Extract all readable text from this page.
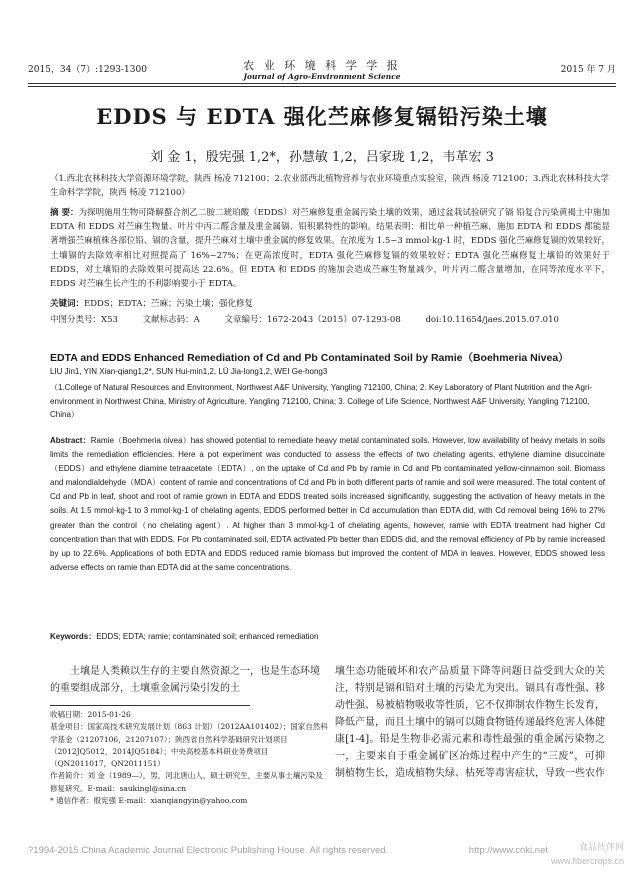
2015，34（7）:1293-1300	农 业 环 境 科 学 学 报
Journal of Agro-Environment Science
2015 年 7 月
EDDS 与 EDTA 强化苎麻修复镉铅污染土壤
刘 金 1，殷宪强 1,2*，孙慧敏 1,2，吕家珑 1,2，韦革宏 3
（1.西北农林科技大学资源环境学院，陕西 杨凌 712100；2.农业部西北植物营养与农业环境重点实验室，陕西 杨凌 712100；3.西北农林科技大学生命科学学院，陕西 杨凌 712100）
摘 要：为探明施用生物可降解螯合剂乙二胺二琥珀酸（EDDS）对苎麻修复重金属污染土壤的效果，通过盆栽试验研究了镉 铅复合污染黄褐土中施加 EDTA 和 EDDS 对苎麻生物量、叶片中丙二醛含量及重金属镉、铅积累特性的影响。结果表明：相比单一种植苎麻，施加 EDTA 和 EDDS 都能显著增强苎麻植株各部位铅、镉的含量，提升苎麻对土壤中重金属的修复效果。在浓度为 1.5~3 mmol·kg-1 时，EDDS 强化苎麻修复镉的效果较好，土壤镉的去除效率相比对照提高了 16%~27%；在更高浓度时，EDTA 强化苎麻修复镉的效果较好；EDTA 强化苎麻修复土壤铅的效果好于 EDDS，对土壤铅的去除效果可提高达 22.6%。但 EDTA 和 EDDS 的施加会造成苎麻生物量减少，叶片丙二醛含量增加，在同等浓度水平下，EDDS 对苎麻生长产生的不利影响要小于 EDTA。
关键词：EDDS；EDTA；苎麻；污染土壤；强化修复
中图分类号：X53	文献标志码：A	文章编号：1672-2043（2015）07-1293-08	doi:10.11654/jaes.2015.07.010
EDTA and EDDS Enhanced Remediation of Cd and Pb Contaminated Soil by Ramie（Boehmeria Nivea）
LIU Jin1, YIN Xian-qiang1,2*, SUN Hui-min1,2, LÜ Jia-long1,2, WEI Ge-hong3
（1.College of Natural Resources and Environment, Northwest A&F University, Yangling 712100, China; 2. Key Laboratory of Plant Nutrition and the Agri-environment in Northwest China, Ministry of Agriculture, Yangling 712100, China; 3. College of Life Science, Northwest A&F University, Yangling 712100, China）
Abstract：Ramie（Boehmeria nivea）has showed potential to remediate heavy metal contaminated soils. However, low availability of heavy metals in soils limits the remediation efficiencies. Here a pot experiment was conducted to assess the effects of two chelating agents, ethylene diamine disuccinate（EDDS）and ethylene diamine tetraacetate（EDTA）, on the uptake of Cd and Pb by ramie in Cd and Pb contaminated yellow-cinnamon soil. Biomass and malondialdehyde（MDA）content of ramie and concentrations of Cd and Pb in both different parts of ramie and soil were measured. The total content of Cd and Pb in leaf, shoot and root of ramie grown in EDTA and EDDS treated soils increased significantly, suggesting the activation of heavy metals in the soils. At 1.5 mmol·kg-1 to 3 mmol·kg-1 of chelating agents, EDDS performed better in Cd accumulation than EDTA did, with Cd removal being 16% to 27% greater than the control（no chelating agent）. At higher than 3 mmol·kg-1 of chelating agents, however, ramie with EDTA treatment had higher Cd concentration than that with EDDS. For Pb contaminated soil, EDTA activated Pb better than EDDS did, and the removal efficiency of Pb by ramie increased by up to 22.6%. Applications of both EDTA and EDDS reduced ramie biomass but improved the content of MDA in leaves. However, EDDS showed less adverse effects on ramie than EDTA did at the same concentrations.
Keywords：EDDS; EDTA; ramie; contaminated soil; enhanced remediation
土壤是人类赖以生存的主要自然资源之一，也是生态环境的重要组成部分，土壤重金属污染引发的土
壤生态功能破坏和农产品质量下降等问题日益受到大众的关注，特别是镉和铅对土壤的污染尤为突出。镉具有毒性强、移动性强、易被植物吸收等性质，它不仅抑制农作物生长发育，降低产量，而且土壤中的镉可以随食物链传递最终危害人体健康[1-4]。铅是生物非必需元素和毒性最强的重金属污染物之一，主要来自于重金属矿区冶炼过程中产生的“三废”，可抑制植物生长，造成植物失绿、枯死等毒害症状，导致一些农作
收稿日期：2015-01-26
基金项目：国家高技术研究发展计划（863 计划）（2012AA101402）；国家自然科学基金（21207106，21207107）；陕西省自然科学基础研究计划项目（2012JQ5012，2014JQ5184）；中央高校基本科研业务费项目（QN2011017，QN2011151）
作者简介：刘 金（1989—），男，河北唐山人，硕士研究生，主要从事土壤污染及修复研究。E-mail：saukingl@sina.cn
* 通信作者：殷宪强 E-mail：xianqiangyin@yahoo.com
?1994-2015 China Academic Journal Electronic Publishing House. All rights reserved.	http://www.cnki.net	食品伙伴网
www.fibercrops.cn
